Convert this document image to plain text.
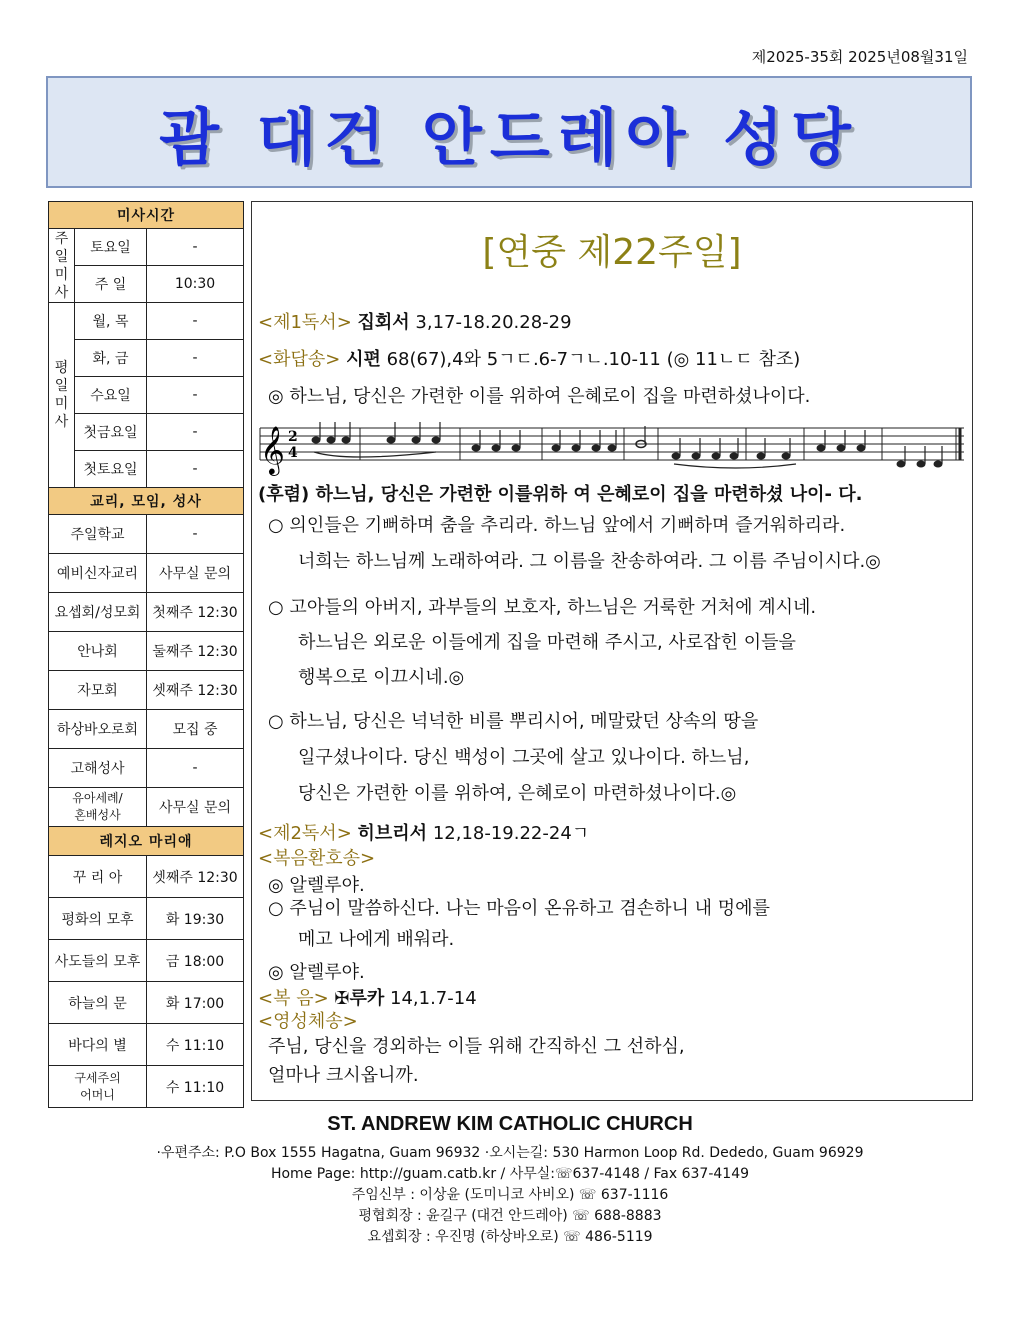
제2025-35회 2025년08월31일
괌 대건 안드레아 성당
미사시간		

주
일
미
사	토요일	-
	주 일	10:30

평
일
미
사	월, 목	-
	화, 금	-
	수요일	-
	첫금요일	-
	첫토요일	-
교리, 모임, 성사		
주일학교		-
예비신자교리		사무실 문의
요셉회/성모회		첫째주 12:30
안나회		둘째주 12:30
자모회		셋째주 12:30
하상바오로회		모집 중
고해성사		-
유아세례/
혼배성사		사무실 문의
레지오 마리애		
꾸 리 아		셋째주 12:30
평화의 모후		화 19:30
사도들의 모후		금 18:00
하늘의 문		화 17:00
바다의 별		수 11:10
구세주의
어머니		수 11:10
[연중 제22주일]
<제1독서> 집회서 3,17-18.20.28-29
<화답송> 시편 68(67),4와 5ㄱㄷ.6-7ㄱㄴ.10-11 (◎ 11ㄴㄷ 참조)
◎ 하느님, 당신은 가련한 이를 위하여 은혜로이 집을 마련하셨나이다.
𝄞 2
4
(후렴) 하느님, 당신은 가련한 이를위하 여 은혜로이 집을 마련하셨 나이- 다.
○ 의인들은 기뻐하며 춤을 추리라. 하느님 앞에서 기뻐하며 즐거워하리라.
너희는 하느님께 노래하여라. 그 이름을 찬송하여라. 그 이름 주님이시다.◎
○ 고아들의 아버지, 과부들의 보호자, 하느님은 거룩한 거처에 계시네.
하느님은 외로운 이들에게 집을 마련해 주시고, 사로잡힌 이들을
행복으로 이끄시네.◎
○ 하느님, 당신은 넉넉한 비를 뿌리시어, 메말랐던 상속의 땅을
일구셨나이다. 당신 백성이 그곳에 살고 있나이다. 하느님,
당신은 가련한 이를 위하여, 은혜로이 마련하셨나이다.◎
<제2독서> 히브리서 12,18-19.22-24ㄱ
<복음환호송>
◎ 알렐루야.
○ 주님이 말씀하신다. 나는 마음이 온유하고 겸손하니 내 멍에를
메고 나에게 배워라.
◎ 알렐루야.
<복 음> ✠루카 14,1.7-14
<영성체송>
주님, 당신을 경외하는 이들 위해 간직하신 그 선하심,
얼마나 크시옵니까.
ST. ANDREW KIM CATHOLIC CHURCH
·우편주소: P.O Box 1555 Hagatna, Guam 96932 ·오시는길: 530 Harmon Loop Rd. Dededo, Guam 96929
Home Page: http://guam.catb.kr / 사무실:☏637-4148 / Fax 637-4149
주임신부 : 이상윤 (도미니코 사비오) ☏ 637-1116
평협회장 : 윤길구 (대건 안드레아) ☏ 688-8883
요셉회장 : 우진명 (하상바오로) ☏ 486-5119
